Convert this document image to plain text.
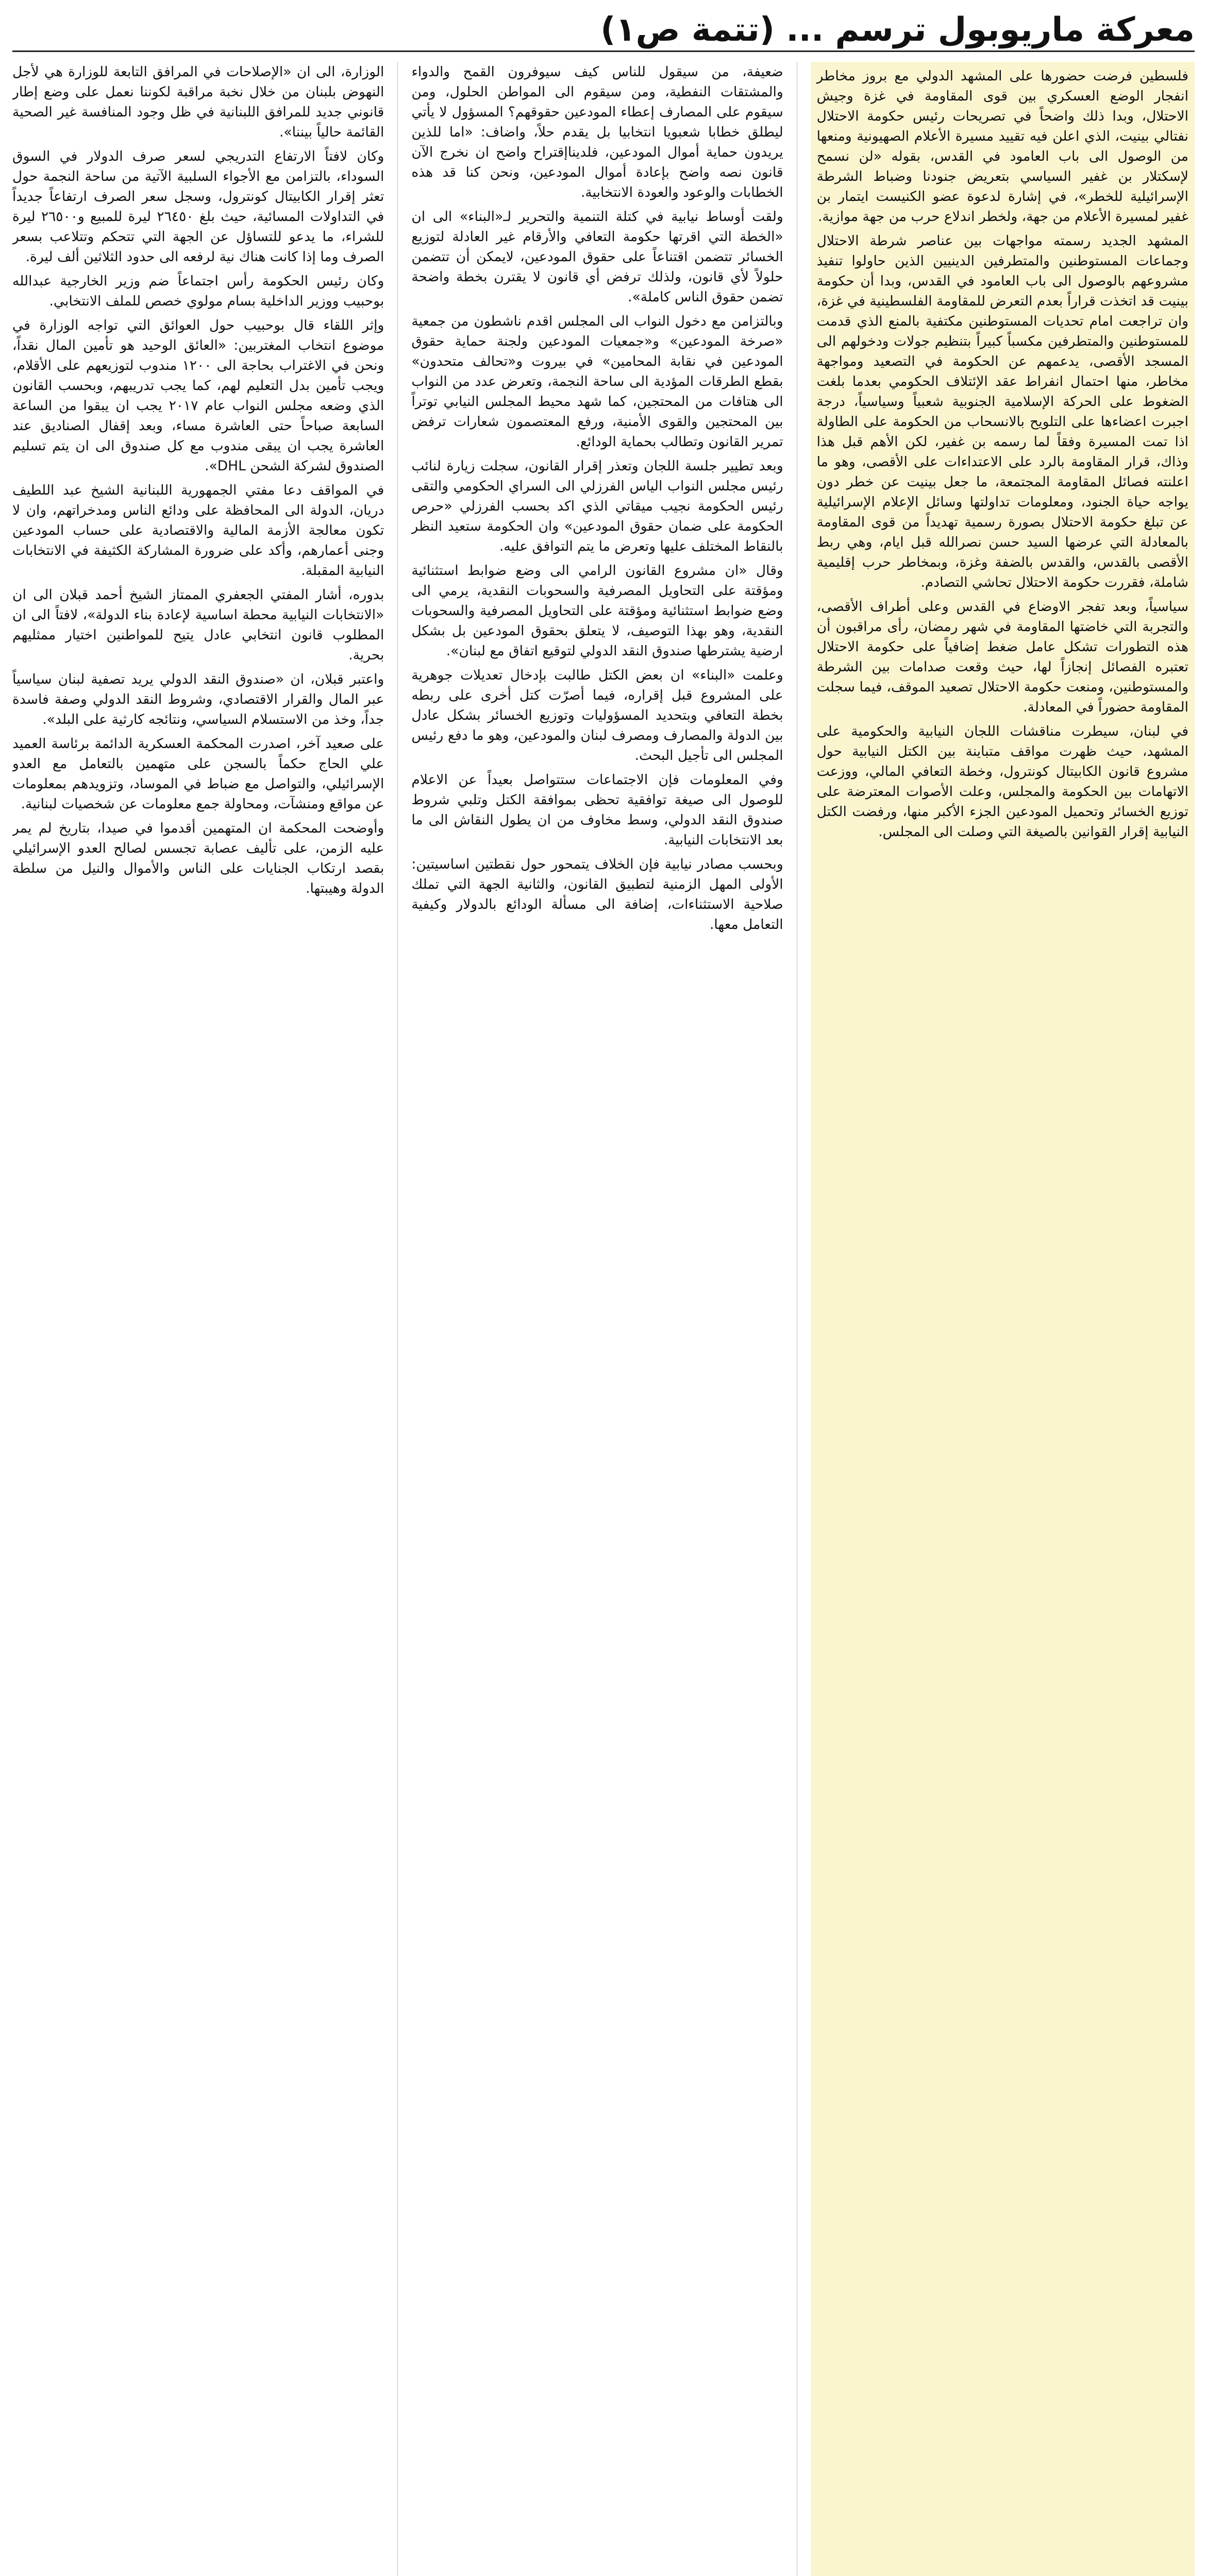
معركة ماريوبول ترسم ... (تتمة ص١)

فلسطين فرضت حضورها على المشهد الدولي مع بروز مخاطر انفجار الوضع العسكري بين قوى المقاومة في غزة وجيش الاحتلال، وبدا ذلك واضحاً في تصريحات رئيس حكومة الاحتلال نفتالي بينيت، الذي اعلن فيه تقييد مسيرة الأعلام الصهيونية ومنعها من الوصول الى باب العامود في القدس، بقوله «لن نسمح لإسكتلار بن غفير السياسي بتعريض جنودنا وضباط الشرطة الإسرائيلية للخطر»، في إشارة لدعوة عضو الكنيست ايتمار بن غفير لمسيرة الأعلام من جهة، ولخطر اندلاع حرب من جهة موازية.

المشهد الجديد رسمته مواجهات بين عناصر شرطة الاحتلال وجماعات المستوطنين والمتطرفين الدينيين الذين حاولوا تنفيذ مشروعهم بالوصول الى باب العامود في القدس، وبدا أن حكومة بينيت قد اتخذت قراراً بعدم التعرض للمقاومة الفلسطينية في غزة، وان تراجعت امام تحديات المستوطنين مكتفية بالمنع الذي قدمت للمستوطنين والمتطرفين مكسباً كبيراً بتنظيم جولات ودخولهم الى المسجد الأقصى، يدعمهم عن الحكومة في التصعيد ومواجهة مخاطر، منها احتمال انفراط عقد الإئتلاف الحكومي بعدما بلغت الضغوط على الحركة الإسلامية الجنوبية شعبياً وسياسياً، درجة اجبرت اعضاءها على التلويح بالانسحاب من الحكومة على الطاولة اذا تمت المسيرة وفقاً لما رسمه بن غفير، لكن الأهم قبل هذا وذاك، قرار المقاومة بالرد على الاعتداءات على الأقصى، وهو ما اعلنته فصائل المقاومة المجتمعة، ما جعل بينيت عن خطر دون يواجه حياة الجنود، ومعلومات تداولتها وسائل الإعلام الإسرائيلية عن تبلغ حكومة الاحتلال بصورة رسمية تهديداً من قوى المقاومة بالمعادلة التي عرضها السيد حسن نصرالله قبل ايام، وهي ربط الأقصى بالقدس، والقدس بالضفة وغزة، وبمخاطر حرب إقليمية شاملة، فقررت حكومة الاحتلال تحاشي التصادم.

سياسياً، وبعد تفجر الاوضاع في القدس وعلى أطراف الأقصى، والتجربة التي خاضتها المقاومة في شهر رمضان، رأى مراقبون أن هذه التطورات تشكل عامل ضغط إضافياً على حكومة الاحتلال تعتبره الفصائل إنجازاً لها، حيث وقعت صدامات بين الشرطة والمستوطنين، ومنعت حكومة الاحتلال تصعيد الموقف، فيما سجلت المقاومة حضوراً في المعادلة.

في لبنان، سيطرت مناقشات اللجان النيابية والحكومية على المشهد، حيث ظهرت مواقف متباينة بين الكتل النيابية حول مشروع قانون الكابيتال كونترول، وخطة التعافي المالي، ووزعت الاتهامات بين الحكومة والمجلس، وعلت الأصوات المعترضة على توزيع الخسائر وتحميل المودعين الجزء الأكبر منها، ورفضت الكتل النيابية إقرار القوانين بالصيغة التي وصلت الى المجلس.

ضعيفة، من سيقول للناس كيف سيوفرون القمح والدواء والمشتقات النفطية، ومن سيقوم الى المواطن الحلول، ومن سيقوم على المصارف إعطاء المودعين حقوقهم؟ المسؤول لا يأتي ليطلق خطابا شعبويا انتخابيا بل يقدم حلاً، واضاف: «اما للذين يريدون حماية أموال المودعين، فلديناإقتراح واضح ان نخرج الآن قانون نصه واضح بإعادة أموال المودعين، ونحن كنا قد هذه الخطابات والوعود والعودة الانتخابية.

ولقت أوساط نيابية في كتلة التنمية والتحرير لـ«البناء» الى ان «الخطة التي اقرتها حكومة التعافي والأرقام غير العادلة لتوزيع الخسائر تتضمن اقتناعاً على حقوق المودعين، لايمكن أن تتضمن حلولاً لأي قانون، ولذلك ترفض أي قانون لا يقترن بخطة واضحة تضمن حقوق الناس كاملة».

وبالتزامن مع دخول النواب الى المجلس اقدم ناشطون من جمعية «صرخة المودعين» و«جمعيات المودعين ولجنة حماية حقوق المودعين في نقابة المحامين» في بيروت و«تحالف متحدون» بقطع الطرقات المؤدية الى ساحة النجمة، وتعرض عدد من النواب الى هتافات من المحتجين، كما شهد محيط المجلس النيابي توتراً بين المحتجين والقوى الأمنية، ورفع المعتصمون شعارات ترفض تمرير القانون وتطالب بحماية الودائع.

وبعد تطيير جلسة اللجان وتعذر إقرار القانون، سجلت زيارة لنائب رئيس مجلس النواب الياس الفرزلي الى السراي الحكومي والتقى رئيس الحكومة نجيب ميقاتي الذي اكد بحسب الفرزلي «حرص الحكومة على ضمان حقوق المودعين» وان الحكومة ستعيد النظر بالنقاط المختلف عليها وتعرض ما يتم التوافق عليه.

وقال «ان مشروع القانون الرامي الى وضع ضوابط استثنائية ومؤقتة على التحاويل المصرفية والسحوبات النقدية، يرمي الى وضع ضوابط استثنائية ومؤقتة على التحاويل المصرفية والسحوبات النقدية، وهو بهذا التوصيف، لا يتعلق بحقوق المودعين بل بشكل ارضية يشترطها صندوق النقد الدولي لتوقيع اتفاق مع لبنان».

وعلمت «البناء» ان بعض الكتل طالبت بإدخال تعديلات جوهرية على المشروع قبل إقراره، فيما أصرّت كتل أخرى على ربطه بخطة التعافي وبتحديد المسؤوليات وتوزيع الخسائر بشكل عادل بين الدولة والمصارف ومصرف لبنان والمودعين، وهو ما دفع رئيس المجلس الى تأجيل البحث.

وفي المعلومات فإن الاجتماعات ستتواصل بعيداً عن الاعلام للوصول الى صيغة توافقية تحظى بموافقة الكتل وتلبي شروط صندوق النقد الدولي، وسط مخاوف من ان يطول النقاش الى ما بعد الانتخابات النيابية.

وبحسب مصادر نيابية فإن الخلاف يتمحور حول نقطتين اساسيتين: الأولى المهل الزمنية لتطبيق القانون، والثانية الجهة التي تملك صلاحية الاستثناءات، إضافة الى مسألة الودائع بالدولار وكيفية التعامل معها.

الوزارة، الى ان «الإصلاحات في المرافق التابعة للوزارة هي لأجل النهوض بلبنان من خلال نخبة مراقبة لكوننا نعمل على وضع إطار قانوني جديد للمرافق اللبنانية في ظل وجود المنافسة غير الصحية القائمة حالياً بيننا».

وكان لافتاً الارتفاع التدريجي لسعر صرف الدولار في السوق السوداء، بالتزامن مع الأجواء السلبية الآتية من ساحة النجمة حول تعثر إقرار الكابيتال كونترول، وسجل سعر الصرف ارتفاعاً جديداً في التداولات المسائية، حيث بلغ ٢٦٤٥٠ ليرة للمبيع و٢٦٥٠٠ ليرة للشراء، ما يدعو للتساؤل عن الجهة التي تتحكم وتتلاعب بسعر الصرف وما إذا كانت هناك نية لرفعه الى حدود الثلاثين ألف ليرة.

وكان رئيس الحكومة رأس اجتماعاً ضم وزير الخارجية عبدالله بوحبيب ووزير الداخلية بسام مولوي خصص للملف الانتخابي.

وإثر اللقاء قال بوحبيب حول العوائق التي تواجه الوزارة في موضوع انتخاب المغتربين: «العائق الوحيد هو تأمين المال نقداً، ونحن في الاغتراب بحاجة الى ١٢٠٠ مندوب لتوزيعهم على الأقلام، ويجب تأمين بدل التعليم لهم، كما يجب تدريبهم، وبحسب القانون الذي وضعه مجلس النواب عام ٢٠١٧ يجب ان يبقوا من الساعة السابعة صباحاً حتى العاشرة مساء، وبعد إقفال الصناديق عند العاشرة يجب ان يبقى مندوب مع كل صندوق الى ان يتم تسليم الصندوق لشركة الشحن DHL».

في المواقف دعا مفتي الجمهورية اللبنانية الشيخ عبد اللطيف دريان، الدولة الى المحافظة على ودائع الناس ومدخراتهم، وان لا تكون معالجة الأزمة المالية والاقتصادية على حساب المودعين وجنى أعمارهم، وأكد على ضرورة المشاركة الكثيفة في الانتخابات النيابية المقبلة.

بدوره، أشار المفتي الجعفري الممتاز الشيخ أحمد قبلان الى ان «الانتخابات النيابية محطة اساسية لإعادة بناء الدولة»، لافتاً الى ان المطلوب قانون انتخابي عادل يتيح للمواطنين اختيار ممثليهم بحرية.

واعتبر قبلان، ان «صندوق النقد الدولي يريد تصفية لبنان سياسياً عبر المال والقرار الاقتصادي، وشروط النقد الدولي وصفة فاسدة جداً، وخذ من الاستسلام السياسي، ونتائجه كارثية على البلد».

على صعيد آخر، اصدرت المحكمة العسكرية الدائمة برئاسة العميد علي الحاج حكماً بالسجن على متهمين بالتعامل مع العدو الإسرائيلي، والتواصل مع ضباط في الموساد، وتزويدهم بمعلومات عن مواقع ومنشآت، ومحاولة جمع معلومات عن شخصيات لبنانية.

وأوضحت المحكمة ان المتهمين أقدموا في صيدا، بتاريخ لم يمر عليه الزمن، على تأليف عصابة تجسس لصالح العدو الإسرائيلي بقصد ارتكاب الجنايات على الناس والأموال والنيل من سلطة الدولة وهيبتها.
